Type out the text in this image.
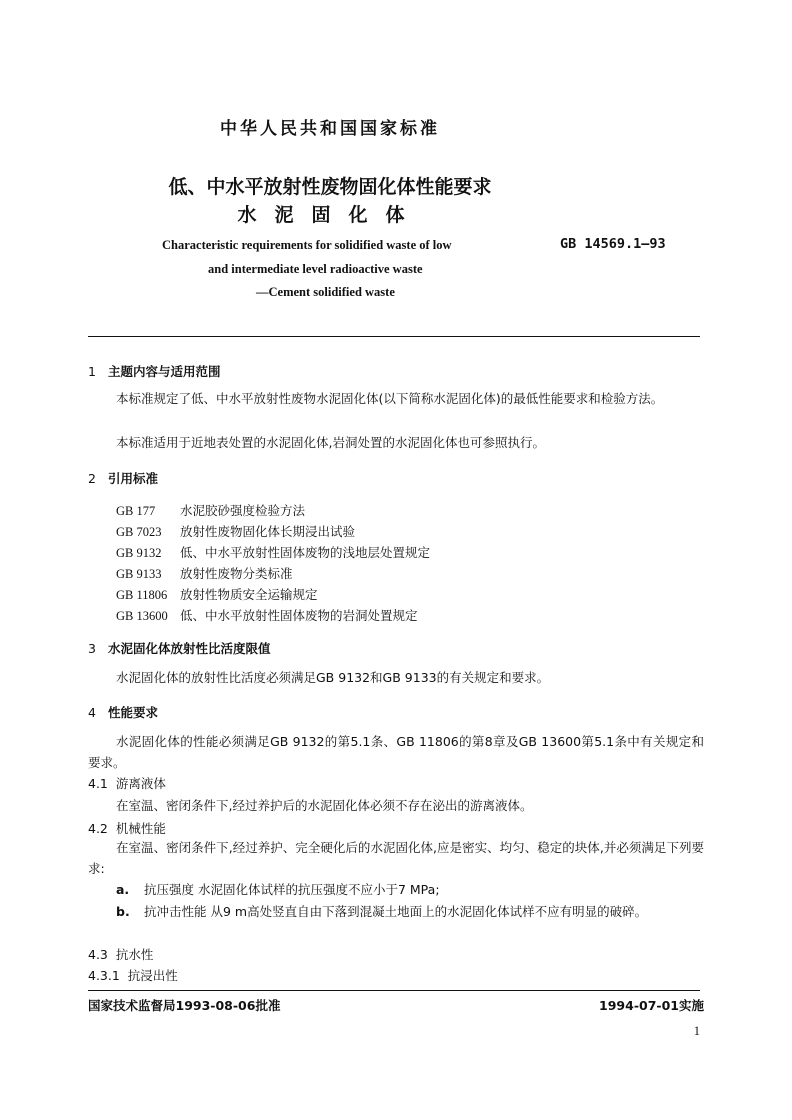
中华人民共和国国家标准
低、中水平放射性废物固化体性能要求
水泥固化体
Characteristic requirements for solidified waste of low
and intermediate level radioactive waste
—Cement solidified waste
GB 14569.1—93
1 主题内容与适用范围
本标准规定了低、中水平放射性废物水泥固化体(以下简称水泥固化体)的最低性能要求和检验方法。
本标准适用于近地表处置的水泥固化体,岩洞处置的水泥固化体也可参照执行。
2 引用标准
GB 177 水泥胶砂强度检验方法
GB 7023 放射性废物固化体长期浸出试验
GB 9132 低、中水平放射性固体废物的浅地层处置规定
GB 9133 放射性废物分类标准
GB 11806 放射性物质安全运输规定
GB 13600 低、中水平放射性固体废物的岩洞处置规定
3 水泥固化体放射性比活度限值
水泥固化体的放射性比活度必须满足GB 9132和GB 9133的有关规定和要求。
4 性能要求
水泥固化体的性能必须满足GB 9132的第5.1条、GB 11806的第8章及GB 13600第5.1条中有关规定和要求。
4.1 游离液体
在室温、密闭条件下,经过养护后的水泥固化体必须不存在泌出的游离液体。
4.2 机械性能
在室温、密闭条件下,经过养护、完全硬化后的水泥固化体,应是密实、均匀、稳定的块体,并必须满足下列要求:
a. 抗压强度 水泥固化体试样的抗压强度不应小于7 MPa;
b. 抗冲击性能 从9 m高处竖直自由下落到混凝土地面上的水泥固化体试样不应有明显的破碎。
4.3 抗水性
4.3.1 抗浸出性
国家技术监督局1993-08-06批准	1994-07-01实施
1
